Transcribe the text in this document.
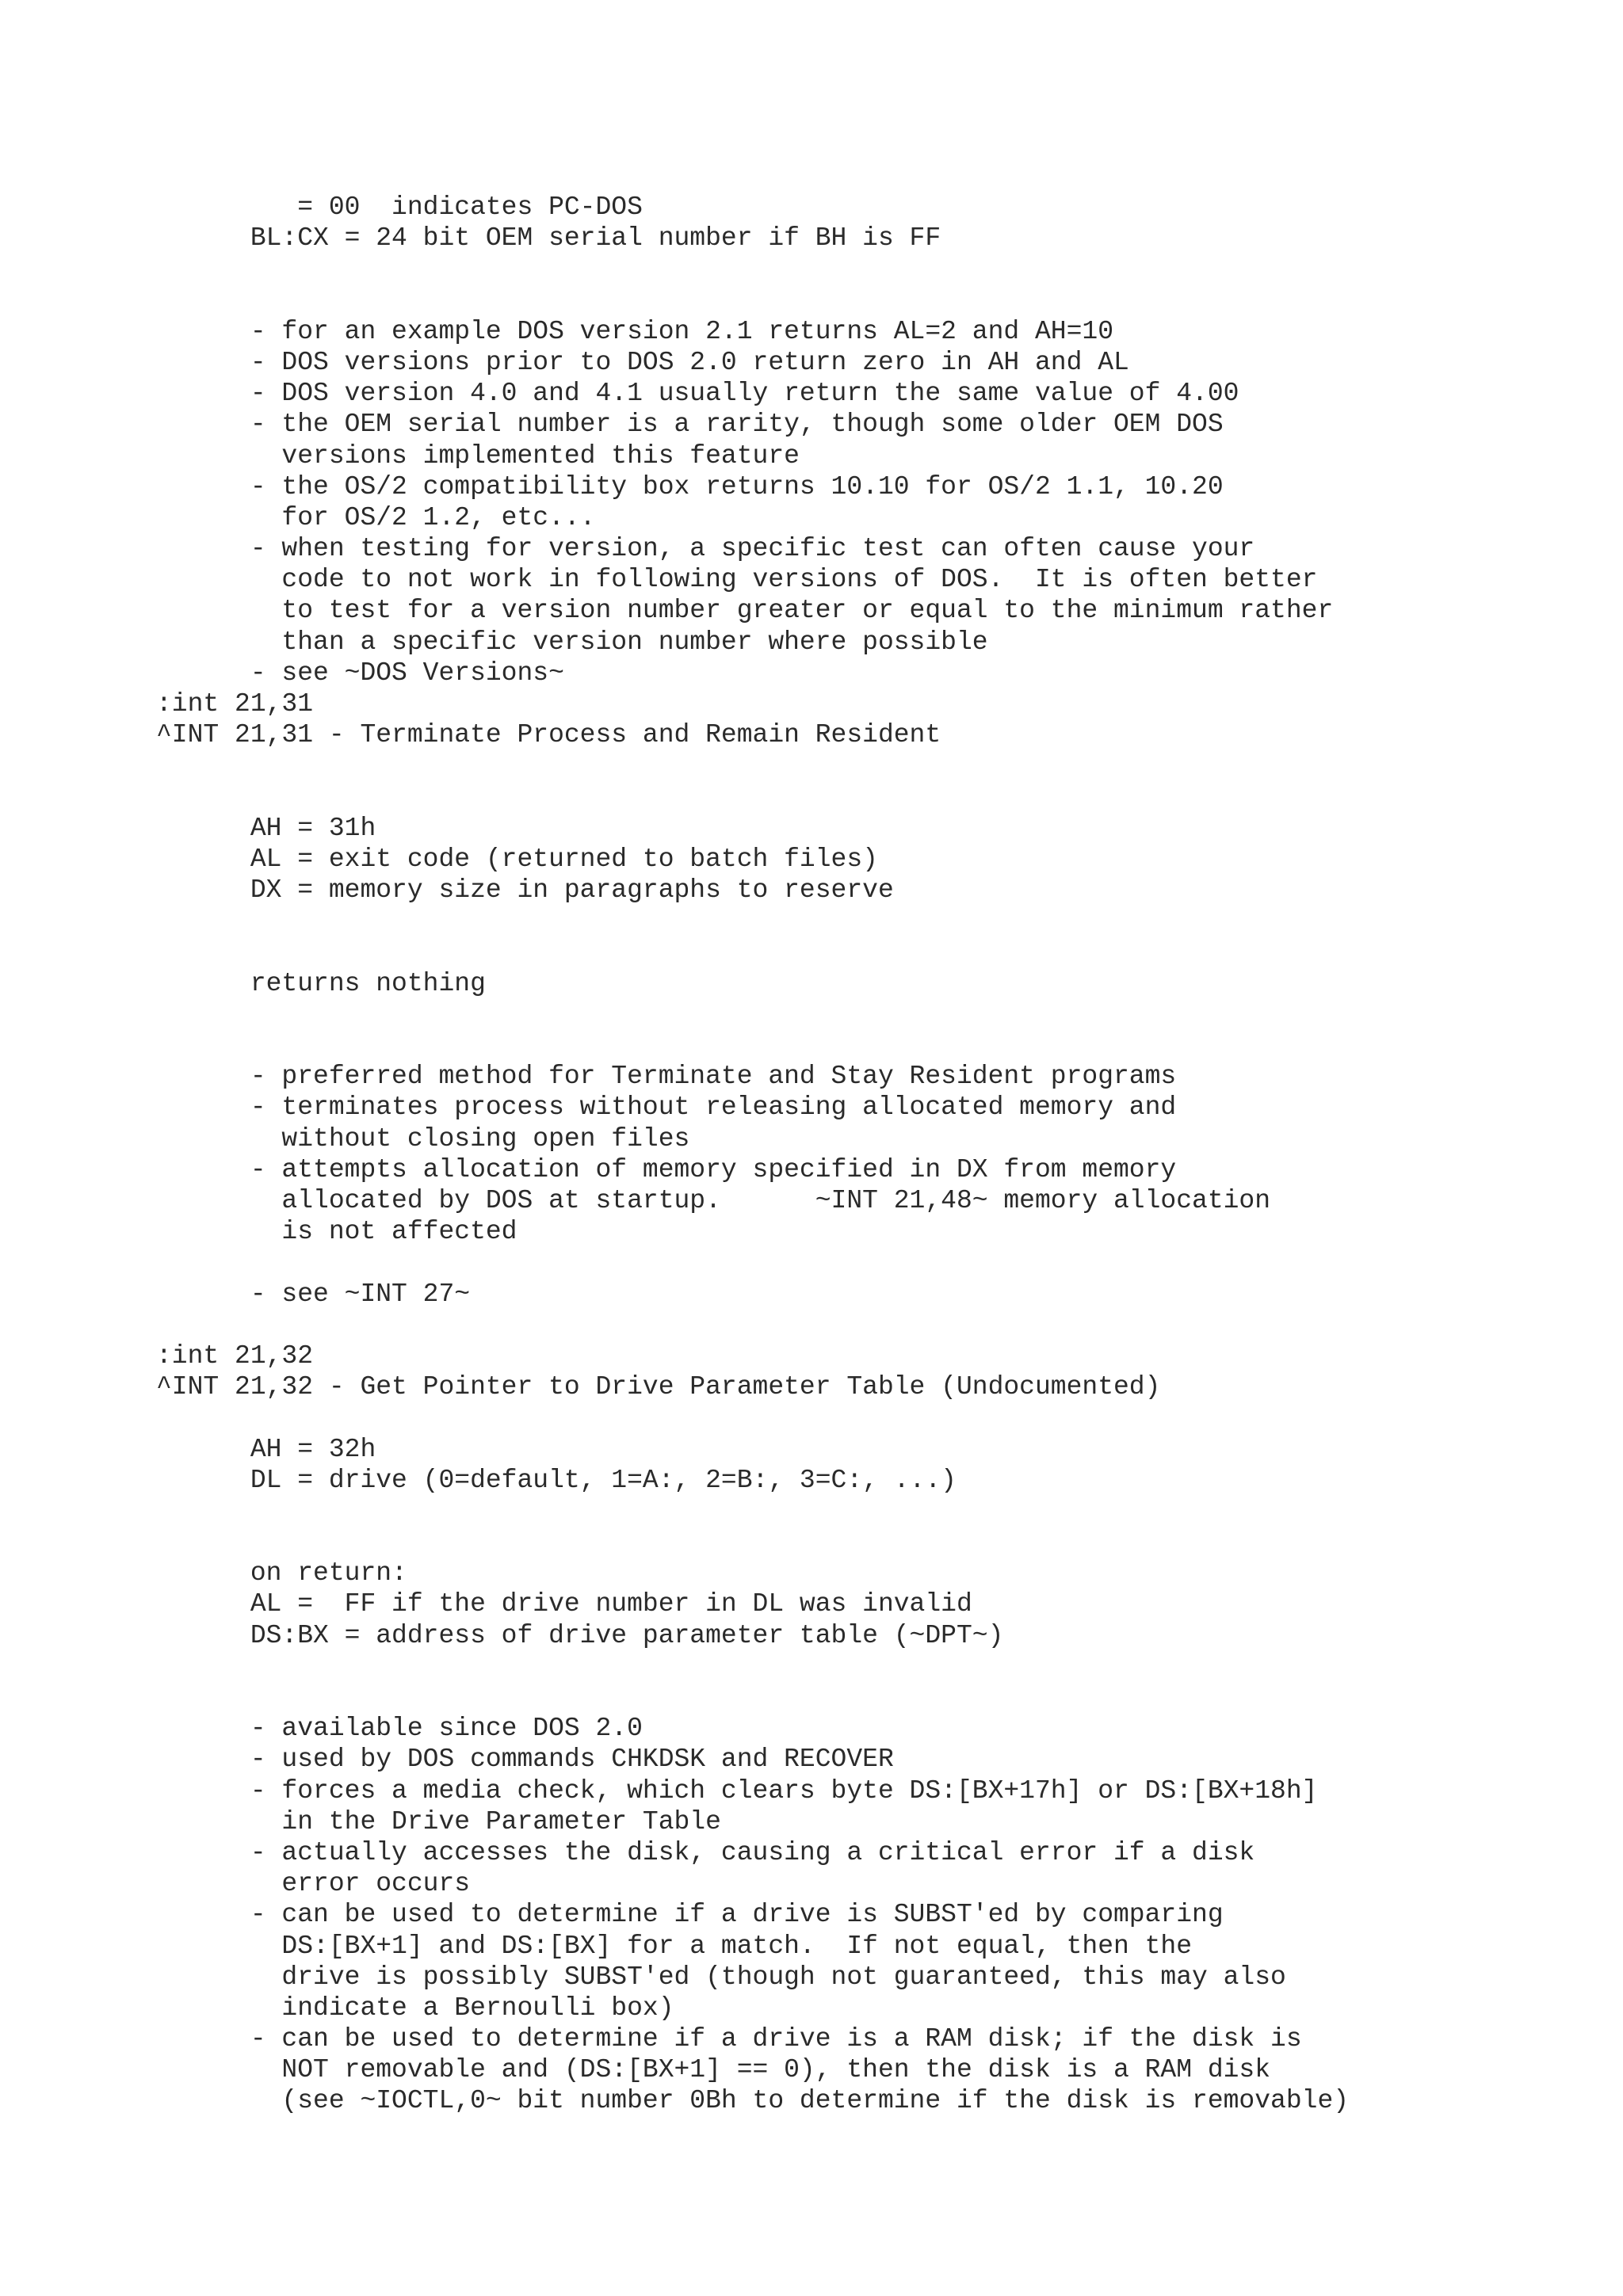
= 00  indicates PC-DOS
BL:CX = 24 bit OEM serial number if BH is FF
- for an example DOS version 2.1 returns AL=2 and AH=10
- DOS versions prior to DOS 2.0 return zero in AH and AL
- DOS version 4.0 and 4.1 usually return the same value of 4.00
- the OEM serial number is a rarity, though some older OEM DOS
versions implemented this feature
- the OS/2 compatibility box returns 10.10 for OS/2 1.1, 10.20
for OS/2 1.2, etc...
- when testing for version, a specific test can often cause your
code to not work in following versions of DOS.  It is often better
to test for a version number greater or equal to the minimum rather
than a specific version number where possible
- see ~DOS Versions~
:int 21,31
^INT 21,31 - Terminate Process and Remain Resident
AH = 31h
AL = exit code (returned to batch files)
DX = memory size in paragraphs to reserve
returns nothing
- preferred method for Terminate and Stay Resident programs
- terminates process without releasing allocated memory and
without closing open files
- attempts allocation of memory specified in DX from memory
allocated by DOS at startup.      ~INT 21,48~ memory allocation
is not affected
- see ~INT 27~
:int 21,32
^INT 21,32 - Get Pointer to Drive Parameter Table (Undocumented)
AH = 32h
DL = drive (0=default, 1=A:, 2=B:, 3=C:, ...)
on return:
AL =  FF if the drive number in DL was invalid
DS:BX = address of drive parameter table (~DPT~)
- available since DOS 2.0
- used by DOS commands CHKDSK and RECOVER
- forces a media check, which clears byte DS:[BX+17h] or DS:[BX+18h]
in the Drive Parameter Table
- actually accesses the disk, causing a critical error if a disk
error occurs
- can be used to determine if a drive is SUBST'ed by comparing
DS:[BX+1] and DS:[BX] for a match.  If not equal, then the
drive is possibly SUBST'ed (though not guaranteed, this may also
indicate a Bernoulli box)
- can be used to determine if a drive is a RAM disk; if the disk is
NOT removable and (DS:[BX+1] == 0), then the disk is a RAM disk
(see ~IOCTL,0~ bit number 0Bh to determine if the disk is removable)
